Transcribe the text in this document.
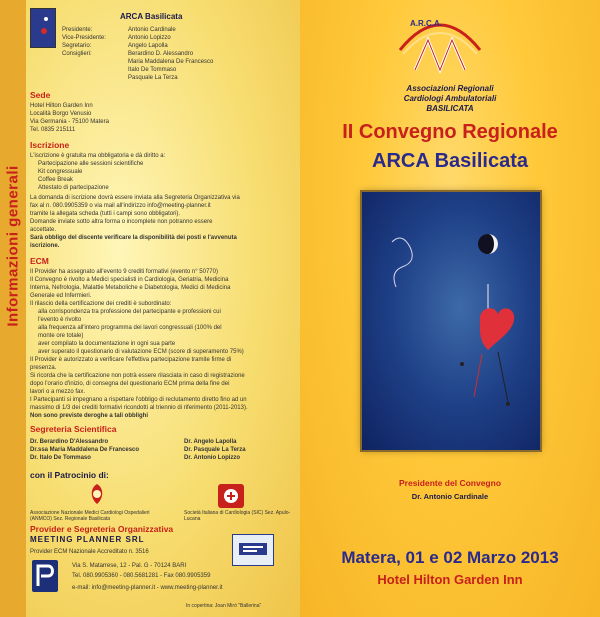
Informazioni generali
ARCA Basilicata
Presidente:	Antonio Cardinale
Vice-Presidente:	Antonio Lopizzo
Segretario:	Angelo Lapolla
Consiglieri:	Berardino D. Alessandro
Maria Maddalena De Francesco
Italo De Tommaso
Pasquale La Terza
Sede
Hotel Hilton Garden Inn
Località Borgo Venusio
Via Germania - 75100 Matera
Tel. 0835 215111
Iscrizione
L'iscrizione è gratuita ma obbligatoria e dà diritto a:
Partecipazione alle sessioni scientifiche
Kit congressuale
Coffee Break
Attestato di partecipazione
La domanda di iscrizione dovrà essere inviata alla Segreteria Organizzativa via
fax al n. 080.9905359 o via mail all'indirizzo info@meeting-planner.it
tramite la allegata scheda (tutti i campi sono obbligatori).
Domande inviate sotto altra forma o incomplete non potranno essere
accettate.
Sarà obbligo del discente verificare la disponibilità dei posti e l'avvenuta
iscrizione.
ECM
Il Provider ha assegnato all'evento 9 crediti formativi (evento n° 50770)
Il Convegno è rivolto a Medici specialisti in Cardiologia, Geriatria, Medicina
Interna, Nefrologia, Malattie Metaboliche e Diabetologia, Medici di Medicina
Generale ed Infermieri.
Il rilascio della certificazione dei crediti è subordinato:
alla corrispondenza tra professione del partecipante e professioni cui
l'evento è rivolto
alla frequenza all'intero programma dei lavori congressuali (100% del
monte ore totale)
aver compilato la documentazione in ogni sua parte
aver superato il questionario di valutazione ECM (score di superamento 75%)
Il Provider è autorizzato a verificare l'effettiva partecipazione tramite firme di
presenza.
Si ricorda che la certificazione non potrà essere rilasciata in caso di registrazione
dopo l'orario d'inizio, di consegna del questionario ECM prima della fine dei
lavori o a mezzo fax.
I Partecipanti si impegnano a rispettare l'obbligo di reclutamento diretto fino ad un
massimo di 1/3 dei crediti formativi ricondotti al triennio di riferimento (2011-2013).
Non sono previste deroghe a tali obblighi
Segreteria Scientifica
Dr. Berardino D'Alessandro
Dr.ssa Maria Maddalena De Francesco
Dr. Italo De Tommaso
Dr. Angelo Lapolla
Dr. Pasquale La Terza
Dr. Antonio Lopizzo
con il Patrocinio di:
Associazione Nazionale Medici Cardiologi Ospedalieri (ANMCO) Sez. Regionale Basilicata
Società Italiana di Cardiologia (SIC) Sez. Apulo-Lucana
Provider e Segreteria Organizzativa
MEETING PLANNER SRL
Provider ECM Nazionale Accreditato n. 3516
Via S. Matarrese, 12 - Pal. G - 70124 BARI
Tel. 080.9905360 - 080.5681281 - Fax 080.9905359
e-mail: info@meeting-planner.it - www.meeting-planner.it
In copertina: Joan Miró "Ballerina"
A.R.C.A.
Associazioni Regionali
Cardiologi Ambulatoriali
BASILICATA
II Convegno Regionale
ARCA Basilicata
Presidente del Convegno
Dr. Antonio Cardinale
Matera, 01 e 02 Marzo 2013
Hotel Hilton Garden Inn
